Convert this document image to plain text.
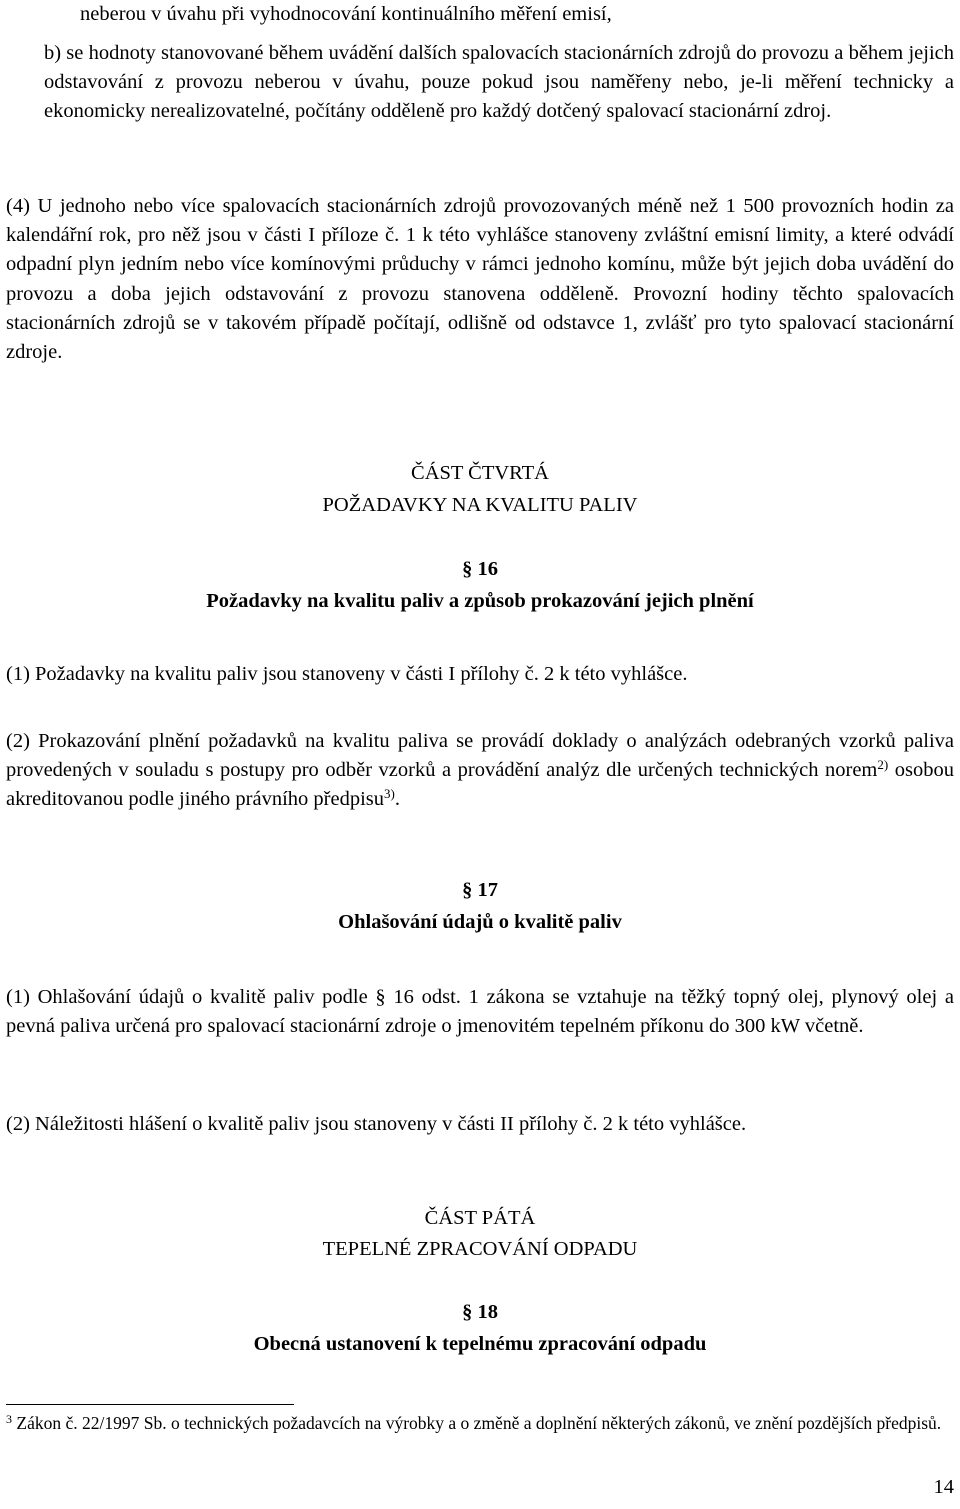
neberou v úvahu při vyhodnocování kontinuálního měření emisí,

b) se hodnoty stanovované během uvádění dalších spalovacích stacionárních zdrojů do provozu a během jejich odstavování z provozu neberou v úvahu, pouze pokud jsou naměřeny nebo, je-li měření technicky a ekonomicky nerealizovatelné, počítány odděleně pro každý dotčený spalovací stacionární zdroj.

(4) U jednoho nebo více spalovacích stacionárních zdrojů provozovaných méně než 1 500 provozních hodin za kalendářní rok, pro něž jsou v části I příloze č. 1 k této vyhlášce stanoveny zvláštní emisní limity, a které odvádí odpadní plyn jedním nebo více komínovými průduchy v rámci jednoho komínu, může být jejich doba uvádění do provozu a doba jejich odstavování z provozu stanovena odděleně. Provozní hodiny těchto spalovacích stacionárních zdrojů se v takovém případě počítají, odlišně od odstavce 1, zvlášť pro tyto spalovací stacionární zdroje.

ČÁST ČTVRTÁ

POŽADAVKY NA KVALITU PALIV

§ 16

Požadavky na kvalitu paliv a způsob prokazování jejich plnění

(1) Požadavky na kvalitu paliv jsou stanoveny v části I přílohy č. 2 k této vyhlášce.

(2) Prokazování plnění požadavků na kvalitu paliva se provádí doklady o analýzách odebraných vzorků paliva provedených v souladu s postupy pro odběr vzorků a provádění analýz dle určených technických norem$^{2)}$ osobou akreditovanou podle jiného právního předpisu$^{3)}$.

§ 17

Ohlašování údajů o kvalitě paliv

(1) Ohlašování údajů o kvalitě paliv podle § 16 odst. 1 zákona se vztahuje na těžký topný olej, plynový olej a pevná paliva určená pro spalovací stacionární zdroje o jmenovitém tepelném příkonu do 300 kW včetně.

(2) Náležitosti hlášení o kvalitě paliv jsou stanoveny v části II přílohy č. 2 k této vyhlášce.

ČÁST PÁTÁ

TEPELNÉ ZPRACOVÁNÍ ODPADU

§ 18

Obecná ustanovení k tepelnému zpracování odpadu

$^3$ Zákon č. 22/1997 Sb. o technických požadavcích na výrobky a o změně a doplnění některých zákonů, ve znění pozdějších předpisů.

14
